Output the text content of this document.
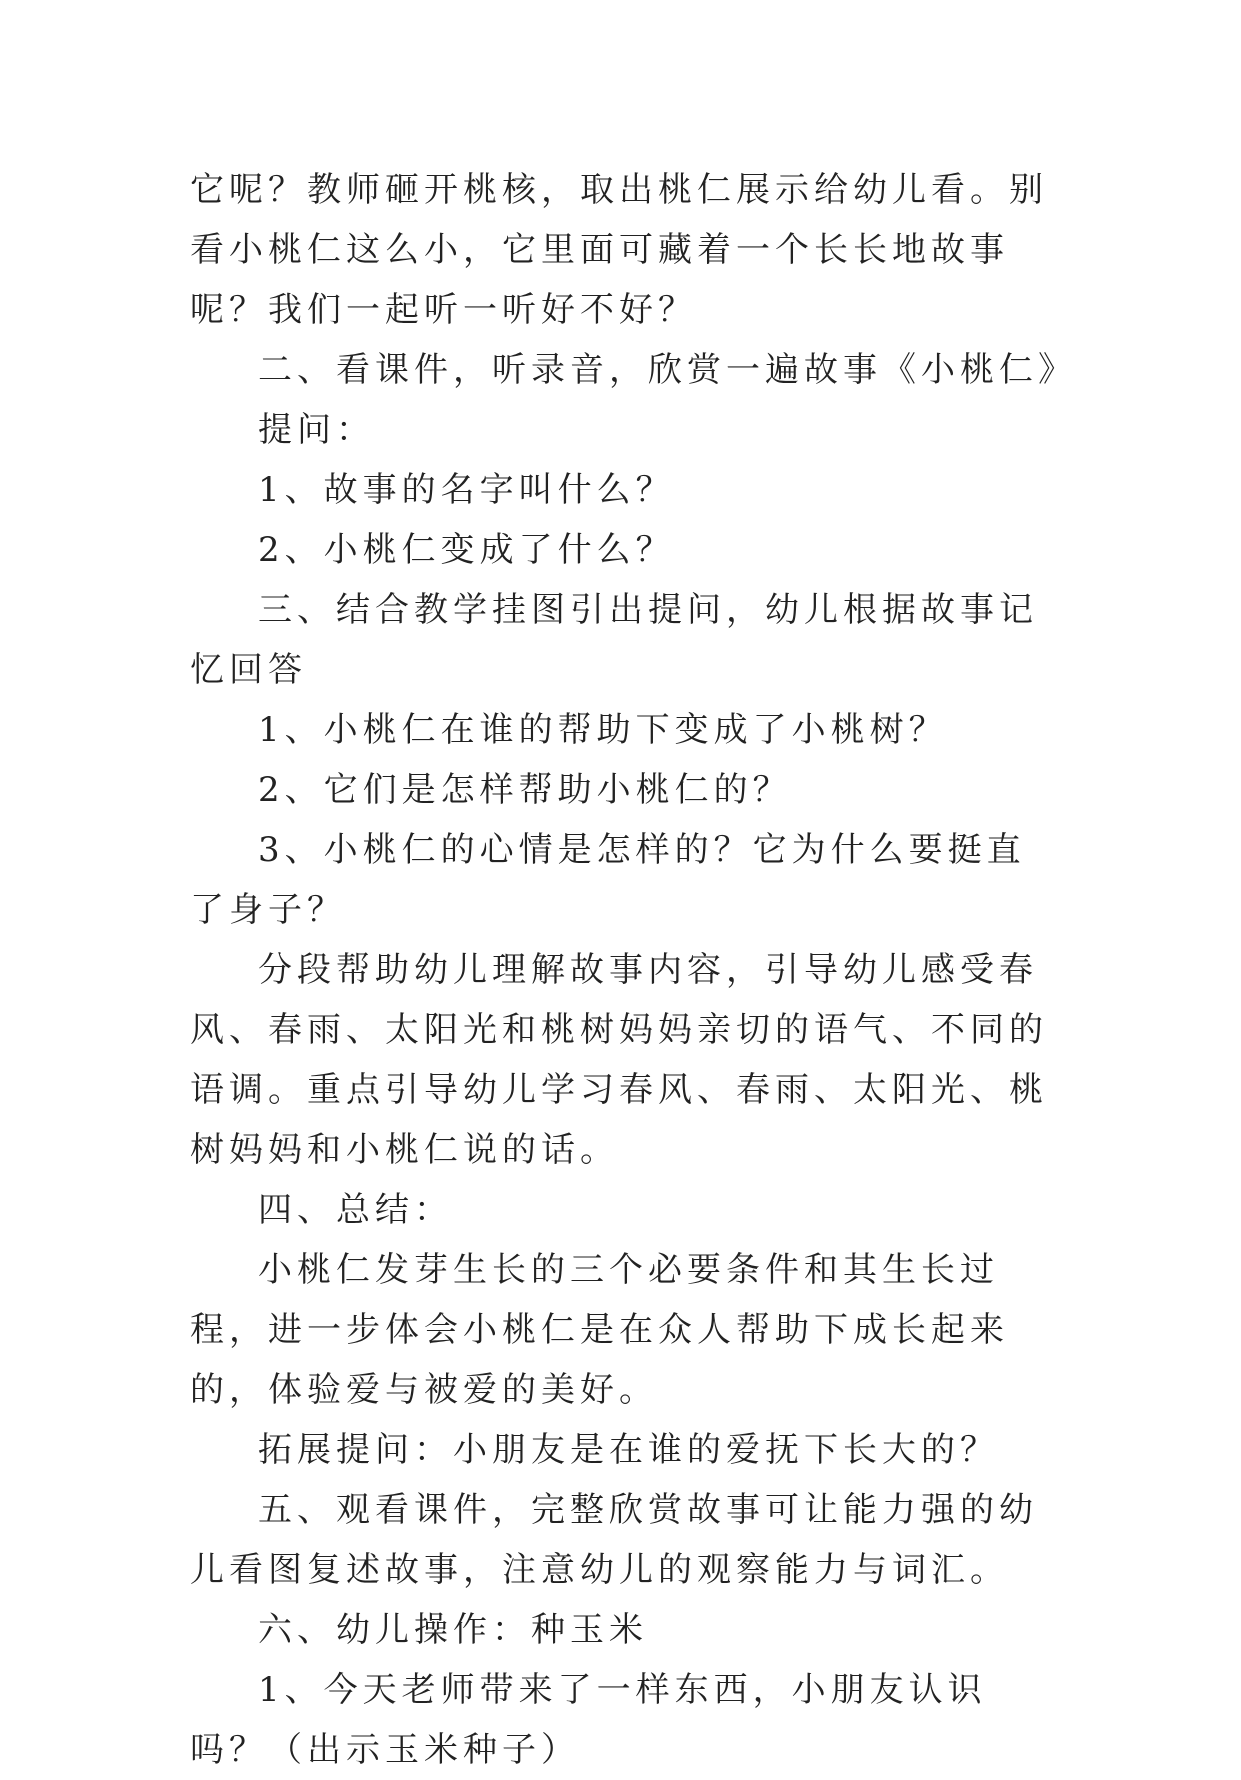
它呢？教师砸开桃核，取出桃仁展示给幼儿看。别看小桃仁这么小，它里面可藏着一个长长地故事呢？我们一起听一听好不好？

二、看课件，听录音，欣赏一遍故事《小桃仁》

提问：

1、故事的名字叫什么？

2、小桃仁变成了什么？

三、结合教学挂图引出提问，幼儿根据故事记忆回答

1、小桃仁在谁的帮助下变成了小桃树？

2、它们是怎样帮助小桃仁的？

3、小桃仁的心情是怎样的？它为什么要挺直了身子？

分段帮助幼儿理解故事内容，引导幼儿感受春风、春雨、太阳光和桃树妈妈亲切的语气、不同的语调。重点引导幼儿学习春风、春雨、太阳光、桃树妈妈和小桃仁说的话。

四、总结：

小桃仁发芽生长的三个必要条件和其生长过程，进一步体会小桃仁是在众人帮助下成长起来的，体验爱与被爱的美好。

拓展提问：小朋友是在谁的爱抚下长大的？

五、观看课件，完整欣赏故事可让能力强的幼儿看图复述故事，注意幼儿的观察能力与词汇。

六、幼儿操作：种玉米

1、今天老师带来了一样东西，小朋友认识吗？（出示玉米种子）
